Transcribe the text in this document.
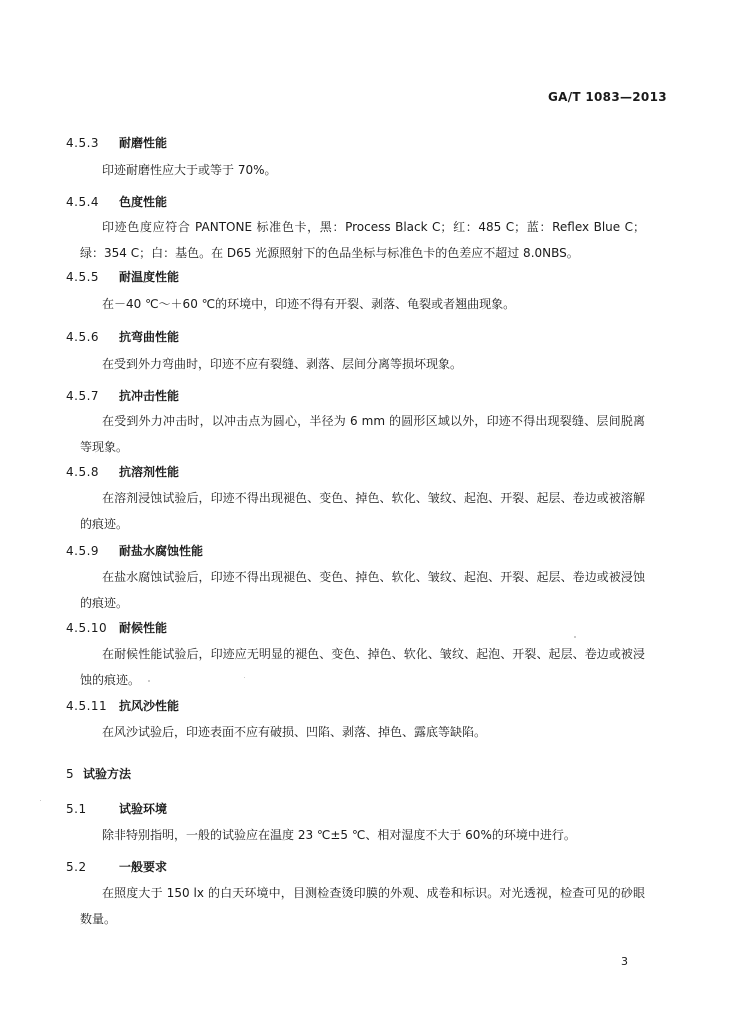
GA/T 1083—2013
4.5.3 耐磨性能
印迹耐磨性应大于或等于 70%。
4.5.4 色度性能
印迹色度应符合 PANTONE 标准色卡，黑：Process Black C；红：485 C；蓝：Reflex Blue C；绿：354 C；白：基色。在 D65 光源照射下的色品坐标与标准色卡的色差应不超过 8.0NBS。
4.5.5 耐温度性能
在－40 ℃～＋60 ℃的环境中，印迹不得有开裂、剥落、龟裂或者翘曲现象。
4.5.6 抗弯曲性能
在受到外力弯曲时，印迹不应有裂缝、剥落、层间分离等损坏现象。
4.5.7 抗冲击性能
在受到外力冲击时，以冲击点为圆心，半径为 6 mm 的圆形区域以外，印迹不得出现裂缝、层间脱离等现象。
4.5.8 抗溶剂性能
在溶剂浸蚀试验后，印迹不得出现褪色、变色、掉色、软化、皱纹、起泡、开裂、起层、卷边或被溶解的痕迹。
4.5.9 耐盐水腐蚀性能
在盐水腐蚀试验后，印迹不得出现褪色、变色、掉色、软化、皱纹、起泡、开裂、起层、卷边或被浸蚀的痕迹。
4.5.10 耐候性能
在耐候性能试验后，印迹应无明显的褪色、变色、掉色、软化、皱纹、起泡、开裂、起层、卷边或被浸蚀的痕迹。
4.5.11 抗风沙性能
在风沙试验后，印迹表面不应有破损、凹陷、剥落、掉色、露底等缺陷。
5 试验方法
5.1	试验环境
除非特别指明，一般的试验应在温度 23 ℃±5 ℃、相对湿度不大于 60%的环境中进行。
5.2	一般要求
在照度大于 150 lx 的白天环境中，目测检查烫印膜的外观、成卷和标识。对光透视，检查可见的砂眼数量。
3
